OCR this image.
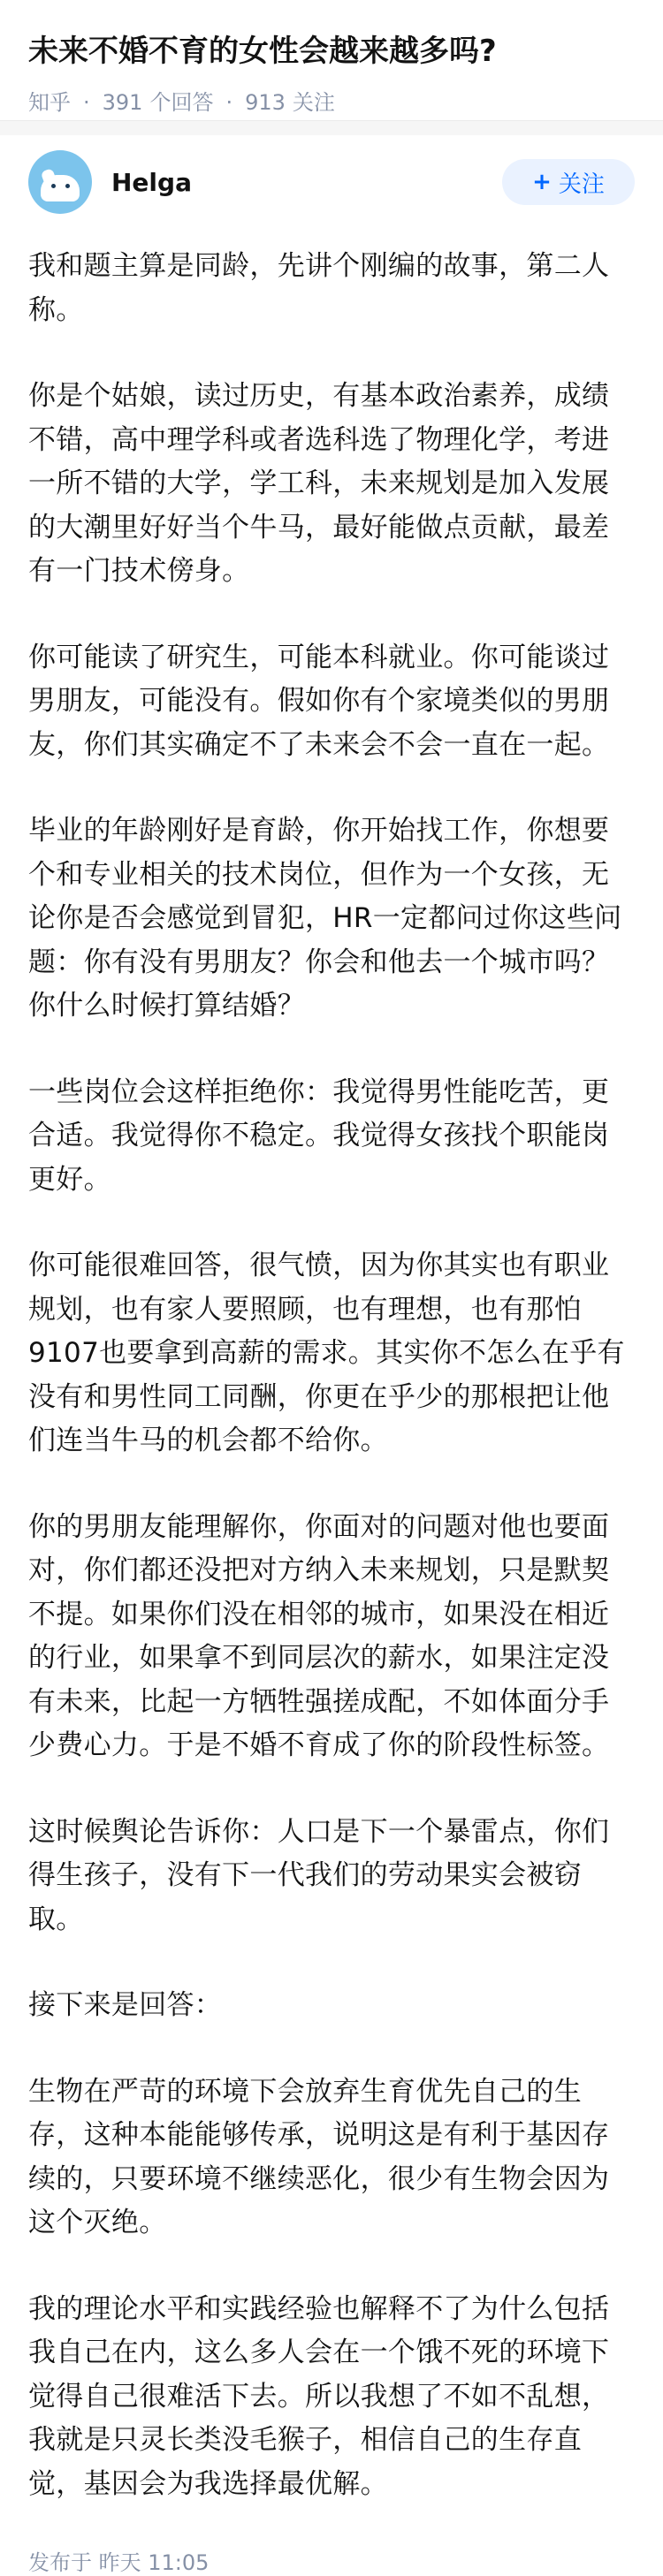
未来不婚不育的女性会越来越多吗?
知乎 · 391 个回答 · 913 关注
Helga	+ 关注

我和题主算是同龄，先讲个刚编的故事，第二人称。

你是个姑娘，读过历史，有基本政治素养，成绩不错，高中理学科或者选科选了物理化学，考进一所不错的大学，学工科，未来规划是加入发展的大潮里好好当个牛马，最好能做点贡献，最差有一门技术傍身。

你可能读了研究生，可能本科就业。你可能谈过男朋友，可能没有。假如你有个家境类似的男朋友，你们其实确定不了未来会不会一直在一起。

毕业的年龄刚好是育龄，你开始找工作，你想要个和专业相关的技术岗位，但作为一个女孩，无论你是否会感觉到冒犯，HR一定都问过你这些问题：你有没有男朋友？你会和他去一个城市吗？你什么时候打算结婚？

一些岗位会这样拒绝你：我觉得男性能吃苦，更合适。我觉得你不稳定。我觉得女孩找个职能岗更好。

你可能很难回答，很气愤，因为你其实也有职业规划，也有家人要照顾，也有理想，也有那怕9107也要拿到高薪的需求。其实你不怎么在乎有没有和男性同工同酬，你更在乎少的那根把让他们连当牛马的机会都不给你。

你的男朋友能理解你，你面对的问题对他也要面对，你们都还没把对方纳入未来规划，只是默契不提。如果你们没在相邻的城市，如果没在相近的行业，如果拿不到同层次的薪水，如果注定没有未来，比起一方牺牲强搓成配，不如体面分手少费心力。于是不婚不育成了你的阶段性标签。

这时候舆论告诉你：人口是下一个暴雷点，你们得生孩子，没有下一代我们的劳动果实会被窃取。

接下来是回答：

生物在严苛的环境下会放弃生育优先自己的生存，这种本能能够传承，说明这是有利于基因存续的，只要环境不继续恶化，很少有生物会因为这个灭绝。

我的理论水平和实践经验也解释不了为什么包括我自己在内，这么多人会在一个饿不死的环境下觉得自己很难活下去。所以我想了不如不乱想，我就是只灵长类没毛猴子，相信自己的生存直觉，基因会为我选择最优解。

发布于 昨天 11:05
